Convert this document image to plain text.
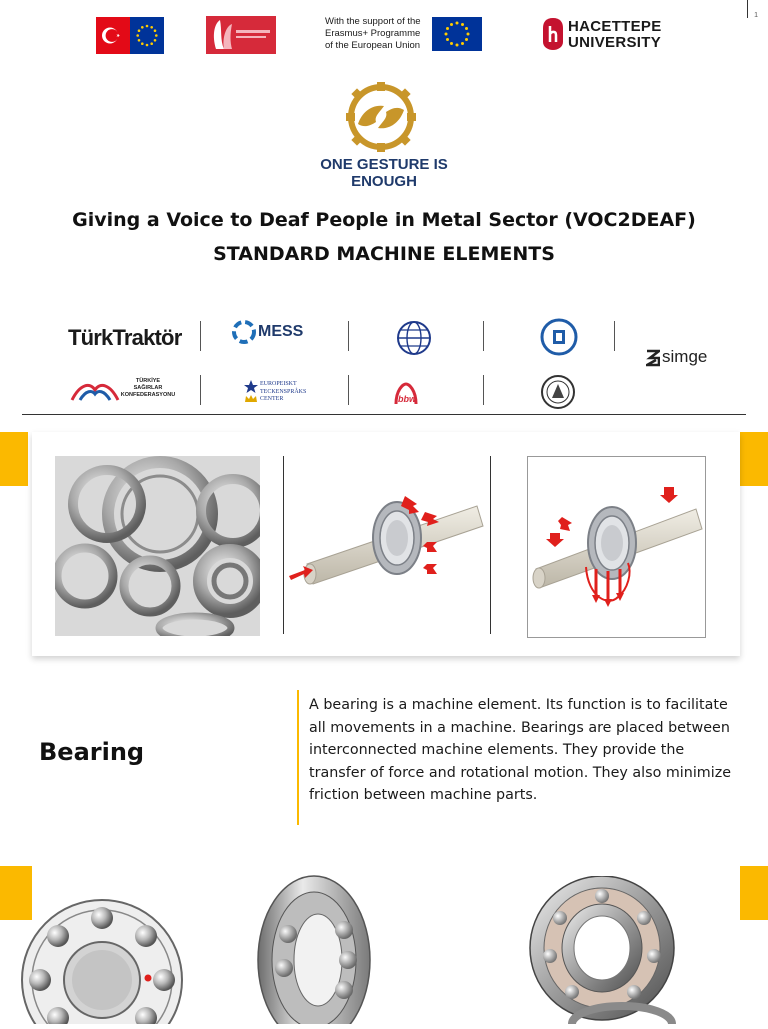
1
With the support of the
Erasmus+ Programme
of the European Union
HACETTEPE
UNIVERSITY
ONE GESTURE IS
ENOUGH
Giving a Voice to Deaf People in Metal Sector (VOC2DEAF)
STANDARD MACHINE ELEMENTS
TürkTraktör	MESS
simge
TÜRKİYE
SAĞIRLAR
KONFEDERASYONU
EUROPEISKT
TECKENSPRÅKS
CENTER	bbw
Bearing
A bearing is a machine element. Its function is to facilitate all movements in a machine. Bearings are placed between interconnected machine elements. They provide the transfer of force and rotational motion. They also minimize friction between machine parts.
